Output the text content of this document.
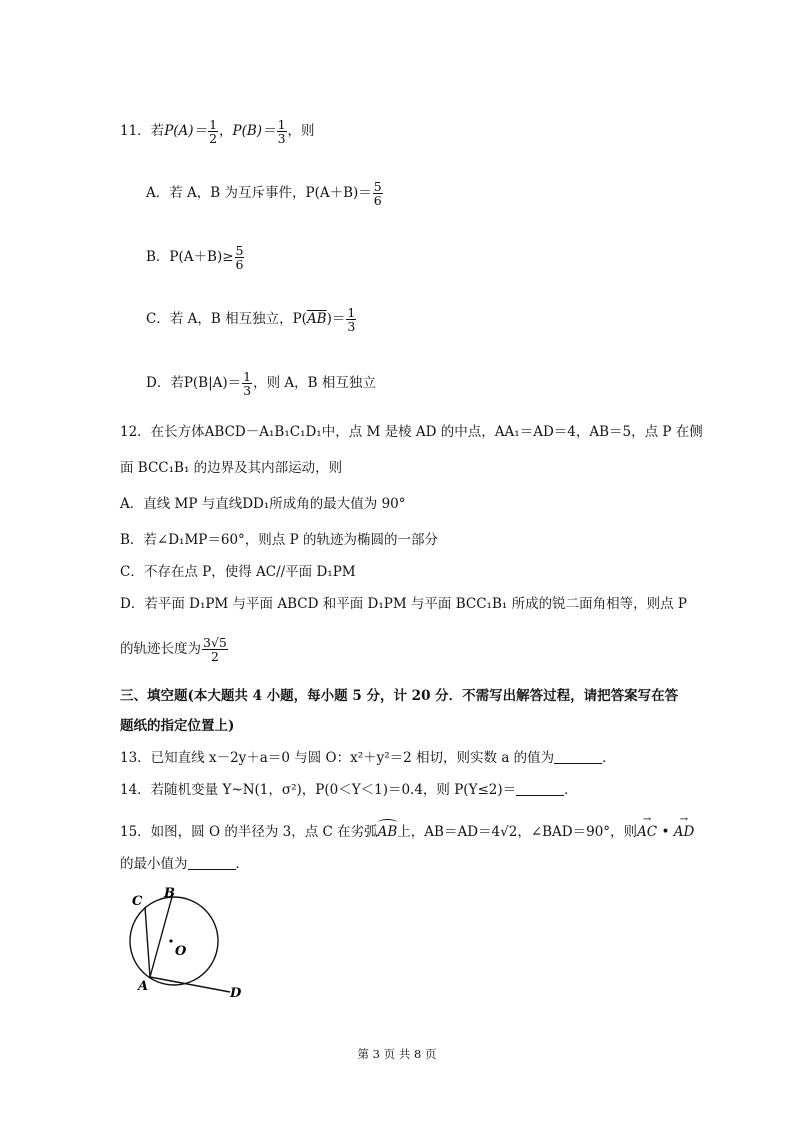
11．若$P(A)= \frac{1}{2}$ ，$P(B)= \frac{1}{3}$ ，则
A．若 A，B 为互斥事件，$P(A+B)= \frac{5}{6}$
B．$P(A+B)\ge \frac{5}{6}$
C．若 A，B 相互独立，$P(\overline{AB})= \frac{1}{3}$
D．若$P(B|A)= \frac{1}{3}$ ，则 A，B 相互独立
12．在长方体ABCD－A₁B₁C₁D₁中，点 M 是棱 AD 的中点，AA₁＝AD＝4，AB＝5，点 P 在侧
面 BCC₁B₁ 的边界及其内部运动，则
A．直线 MP 与直线DD₁所成角的最大值为 90°
B．若∠D₁MP＝60°，则点 P 的轨迹为椭圆的一部分
C．不存在点 P，使得 AC//平面 D₁PM
D．若平面 D₁PM 与平面 ABCD 和平面 D₁PM 与平面 BCC₁B₁ 所成的锐二面角相等，则点 P
的轨迹长度为 $\frac{3√5}{2}$
三、填空题(本大题共 4 小题，每小题 5 分，计 20 分．不需写出解答过程，请把答案写在答
题纸的指定位置上)
13．已知直线 x－2y＋a＝0 与圆 O：x²＋y²＝2 相切，则实数 a 的值为	．
14．若随机变量 Y~N(1，σ²)，P(0＜Y＜1)＝0.4，则 P(Y≤2)＝	．
15．如图，圆 O 的半径为 3，点 C 在劣弧AB上，AB＝AD＝4√2，∠BAD＝90°，则→ AC • → AD
的最小值为	．
B
C
O
A	D
第 3 页 共 8 页
